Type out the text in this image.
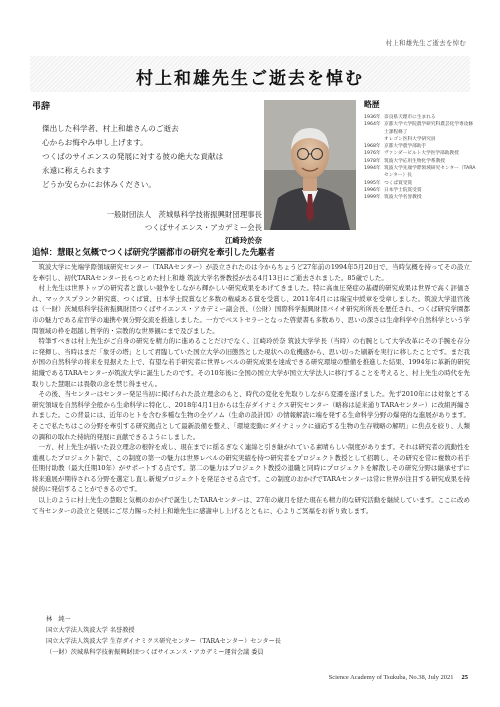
村上和雄先生ご逝去を悼む
村上和雄先生ご逝去を悼む
弔辞

傑出した科学者、村上和雄さんのご逝去

心からお悔やみ申し上げます。

つくばのサイエンスの発展に対する彼の絶大な貢献は

永遠に称えられます

どうか安らかにお休みください。

一般財団法人　茨城県科学技術振興財団理事長
つくばサイエンス・アカデミー会長
江崎玲於奈
略歴
1936年 奈良県天理市に生まれる
1964年 京都大学大学院農学研究科農芸化学専攻修士課程修了
オレゴン医科大学研究員
1968年 京都大学農学部助手
1976年 ヴァンダービルト大学医学部助教授
1978年 筑波大学応用生物化学系教授
1994年 筑波大学先端学際領域研究センター（TARAセンター）長
1995年 つくば賞受賞
1996年 日本学士院賞受賞
1999年 筑波大学名誉教授
追悼：慧眼と気概でつくば研究学園都市の研究を牽引した先駆者

　筑波大学に先端学際領域研究センター（TARAセンター）が設立されたのは今からちょうど27年前の1994年5月20日で、当時気概を持ってその設立を牽引し、初代TARAセンター長もつとめた村上和雄 筑波大学名誉教授が去る4月13日にご逝去されました。85歳でした。

　村上先生は世界トップの研究者と激しい競争をしながら輝かしい研究成果をあげてきました。特に高血圧発症の基礎的研究成果は世界で高く評価され、マックスプランク研究賞、つくば賞、日本学士院賞など多数の権威ある賞を受賞し、2011年4月には瑞宝中綬章を受章しました。筑波大学退官後は（一財）茨城県科学技術振興財団つくばサイエンス・アカデミー副会長、（公財）国際科学振興財団バイオ研究所所長を歴任され、つくば研究学園都市の魅力である産官学の連携や異分野交流を推進しました。一方でベストセラーとなった啓蒙書も多数あり、思いの深さは生命科学や自然科学という学問領域の枠を超越し哲学的・宗教的な世界観にまで及びました。

　特筆すべきは村上先生がご自身の研究を精力的に進めることだけでなく、江崎玲於奈 筑波大学学長（当時）の右腕として大学改革にその手腕を存分に発揮し、当時はまだ「象牙の塔」として君臨していた国立大学の旧態然とした現状への危機感から、思い切った刷新を実行に移したことです。まだ我が国の自然科学の将来を見据えた上で、有望な若手研究者に世界レベルの研究成果を達成できる研究環境の整備を推進した結果、1994年に革新的研究組織であるTARAセンターが筑波大学に誕生したのです。その10年後に全国の国立大学が国立大学法人に移行することを考えると、村上先生の時代を先取りした慧眼には畏敬の念を禁じ得ません。

　その後、当センターはセンター発足当初に掲げられた設立理念のもと、時代の変化を先取りしながら変遷を遂げました。先ず2010年には対象とする研究領域を自然科学全般から生命科学に特化し、2018年4月1日からは生存ダイナミクス研究センター（略称は従来通りTARAセンター）に改組再編されました。この背景には、近年のヒトを含む多種な生物の全ゲノム（生命の設計図）の情報解読に端を発する生命科学分野の爆発的な進展があります。そこで私たちはこの分野を牽引する研究拠点として最新設備を整え、「環境変動にダイナミックに適応する生物の生存戦略の解明」に焦点を絞り、人類の調和の取れた持続的発展に貢献できるようにしました。

　一方、村上先生が描いた設立理念の根幹を成し、現在までに揺るぎなく連綿と引き継がれている素晴らしい制度があります。それは研究者の流動性を重視したプロジェクト制で、この制度の第一の魅力は世界レベルの研究実績を持つ研究者をプロジェクト教授として招聘し、その研究を常に複数の若手任期付助教（最大任期10年）がサポートする点です。第二の魅力はプロジェクト教授の退職と同時にプロジェクトを解散しその研究分野は継承せずに将来進展が期待される分野を選定し直し新規プロジェクトを発足させる点です。この制度のおかげでTARAセンターは常に世界が注目する研究成果を持続的に発信することができるのです。

　以上のように村上先生の慧眼と気概のおかげで誕生したTARAセンターは、27年の歳月を経た現在も精力的な研究活動を継続しています。ここに改めて当センターの設立と発展にご尽力賜った村上和雄先生に感謝申し上げるとともに、心よりご冥福をお祈り致します。

林　純一
国立大学法人筑波大学 名誉教授
国立大学法人筑波大学 生存ダイナミクス研究センター（TARAセンター）センター長
（一財）茨城県科学技術振興財団つくばサイエンス・アカデミー運営会議 委員
Science Academy of Tsukuba, No.38, July 2021 25
